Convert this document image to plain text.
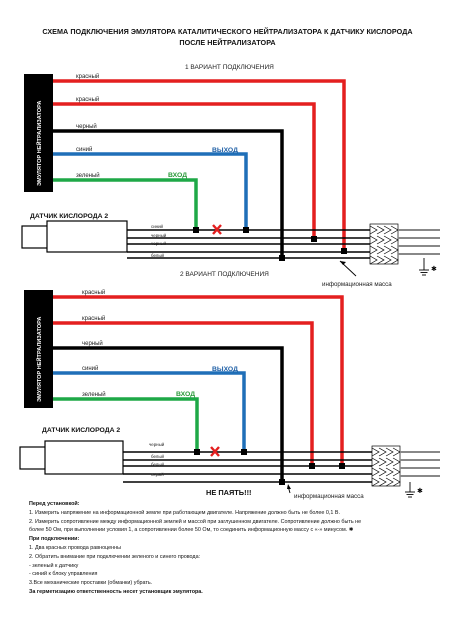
СХЕМА ПОДКЛЮЧЕНИЯ ЭМУЛЯТОРА КАТАЛИТИЧЕСКОГО НЕЙТРАЛИЗАТОРА К ДАТЧИКУ КИСЛОРОДА
ПОСЛЕ НЕЙТРАЛИЗАТОРА
1 ВАРИАНТ ПОДКЛЮЧЕНИЯ
ЭМУЛЯТОР НЕЙТРАЛИЗАТОРА
красный
красный
черный
синий
зеленый
ВЫХОД
ВХОД
ДАТЧИК КИСЛОРОДА 2
синий
черный
черный
белый
✱
информационная масса
2 ВАРИАНТ ПОДКЛЮЧЕНИЯ
ЭМУЛЯТОР НЕЙТРАЛИЗАТОРА
красный
красный
черный
синий
зеленый
ВЫХОД
ВХОД
ДАТЧИК КИСЛОРОДА 2
черный
белый
белый
серый
✱
НЕ ПАЯТЬ!!!	информационная масса
Перед установкой:
1. Измерить напряжение на информационной земле при работающем двигателе. Напряжение должно быть не более 0,1 В.
2. Измерить сопротивление между информационной землей и массой при заглушенном двигателе. Сопротивление должно быть не
более 50 Ом, при выполнении условия 1, а сопротивлении более 50 Ом, то соединить информационную массу с «-» минусом. ✱
При подключении:
1. Два красных провода равноценны
2. Обратить внимание при подключении зеленого и синего провода:
- зеленый к датчику
- синий к блоку управления
3.Все механические проставки (обманки) убрать.
За герметизацию ответственность несет установщик эмулятора.
